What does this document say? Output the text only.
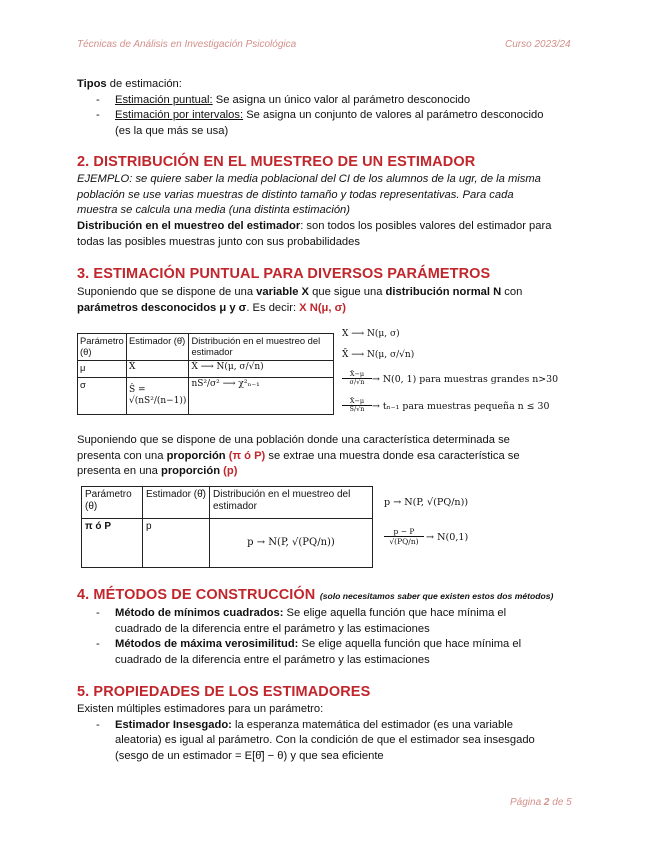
Técnicas de Análisis en Investigación Psicológica	Curso 2023/24
Tipos de estimación:
- Estimación puntual: Se asigna un único valor al parámetro desconocido
- Estimación por intervalos: Se asigna un conjunto de valores al parámetro desconocido
(es la que más se usa)
2. DISTRIBUCIÓN EN EL MUESTREO DE UN ESTIMADOR
EJEMPLO: se quiere saber la media poblacional del CI de los alumnos de la ugr, de la misma
población se use varias muestras de distinto tamaño y todas representativas. Para cada
muestra se calcula una media (una distinta estimación)
Distribución en el muestreo del estimador: son todos los posibles valores del estimador para
todas las posibles muestras junto con sus probabilidades
3. ESTIMACIÓN PUNTUAL PARA DIVERSOS PARÁMETROS
Suponiendo que se dispone de una variable X que sigue una distribución normal N con
parámetros desconocidos μ y σ. Es decir: X N(μ, σ)
Parámetro (θ)	Estimador (θ̂)	Distribución en el muestreo del estimador
μ	X̄	X̄ ⟶ N(μ, σ/√n)
σ	Ŝ = √(nS²/(n−1))	nS²/σ² ⟶ χ²ₙ₋₁
X ⟶ N(μ, σ)
X̄ ⟶ N(μ, σ/√n)
X̄−μ
σ/√n → N(0, 1) para muestras grandes n>30
X̄−μ
Ŝ/√n → tₙ₋₁ para muestras pequeña n ≤ 30
Suponiendo que se dispone de una población donde una característica determinada se
presenta con una proporción (π ó P) se extrae una muestra donde esa característica se
presenta en una proporción (p)
Parámetro (θ)	Estimador (θ̂)	Distribución en el muestreo del estimador
π ó P	p	p → N(P, √(PQ/n))
p → N(P, √(PQ/n))
p − P
√(PQ/n) → N(0,1)
4. MÉTODOS DE CONSTRUCCIÓN (solo necesitamos saber que existen estos dos métodos)
- Método de mínimos cuadrados: Se elige aquella función que hace mínima el
cuadrado de la diferencia entre el parámetro y las estimaciones
- Métodos de máxima verosimilitud: Se elige aquella función que hace mínima el
cuadrado de la diferencia entre el parámetro y las estimaciones
5. PROPIEDADES DE LOS ESTIMADORES
Existen múltiples estimadores para un parámetro:
- Estimador Insesgado: la esperanza matemática del estimador (es una variable
aleatoria) es igual al parámetro. Con la condición de que el estimador sea insesgado
(sesgo de un estimador = E[θ̂] − θ) y que sea eficiente
Página 2 de 5
